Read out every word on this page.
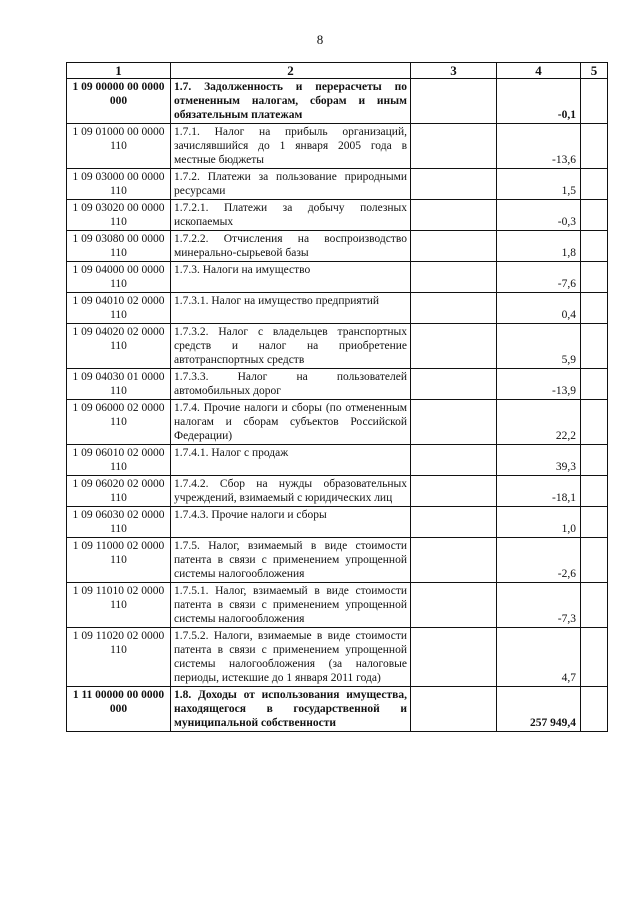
8
1	2	3	4	5
1 09 00000 00 0000 000	1.7. Задолженность и перерасчеты по отмененным налогам, сборам и иным обязательным платежам		-0,1	
1 09 01000 00 0000 110	1.7.1. Налог на прибыль организаций, зачислявшийся до 1 января 2005 года в местные бюджеты		-13,6	
1 09 03000 00 0000 110	1.7.2. Платежи за пользование природными ресурсами		1,5	
1 09 03020 00 0000 110	1.7.2.1. Платежи за добычу полезных ископаемых		-0,3	
1 09 03080 00 0000 110	1.7.2.2. Отчисления на воспроизводство минерально-сырьевой базы		1,8	
1 09 04000 00 0000 110	1.7.3. Налоги на имущество		-7,6	
1 09 04010 02 0000 110	1.7.3.1. Налог на имущество предприятий		0,4	
1 09 04020 02 0000 110	1.7.3.2. Налог с владельцев транспортных средств и налог на приобретение автотранспортных средств		5,9	
1 09 04030 01 0000 110	1.7.3.3. Налог на пользователей автомобильных дорог		-13,9	
1 09 06000 02 0000 110	1.7.4. Прочие налоги и сборы (по отмененным налогам и сборам субъектов Российской Федерации)		22,2	
1 09 06010 02 0000 110	1.7.4.1. Налог с продаж		39,3	
1 09 06020 02 0000 110	1.7.4.2. Сбор на нужды образовательных учреждений, взимаемый с юридических лиц		-18,1	
1 09 06030 02 0000 110	1.7.4.3. Прочие налоги и сборы		1,0	
1 09 11000 02 0000 110	1.7.5. Налог, взимаемый в виде стоимости патента в связи с применением упрощенной системы налогообложения		-2,6	
1 09 11010 02 0000 110	1.7.5.1. Налог, взимаемый в виде стоимости патента в связи с применением упрощенной системы налогообложения		-7,3	
1 09 11020 02 0000 110	1.7.5.2. Налоги, взимаемые в виде стоимости патента в связи с применением упрощенной системы налогообложения (за налоговые периоды, истекшие до 1 января 2011 года)		4,7	
1 11 00000 00 0000 000	1.8. Доходы от использования имущества, находящегося в государственной и муниципальной собственности		257 949,4	
